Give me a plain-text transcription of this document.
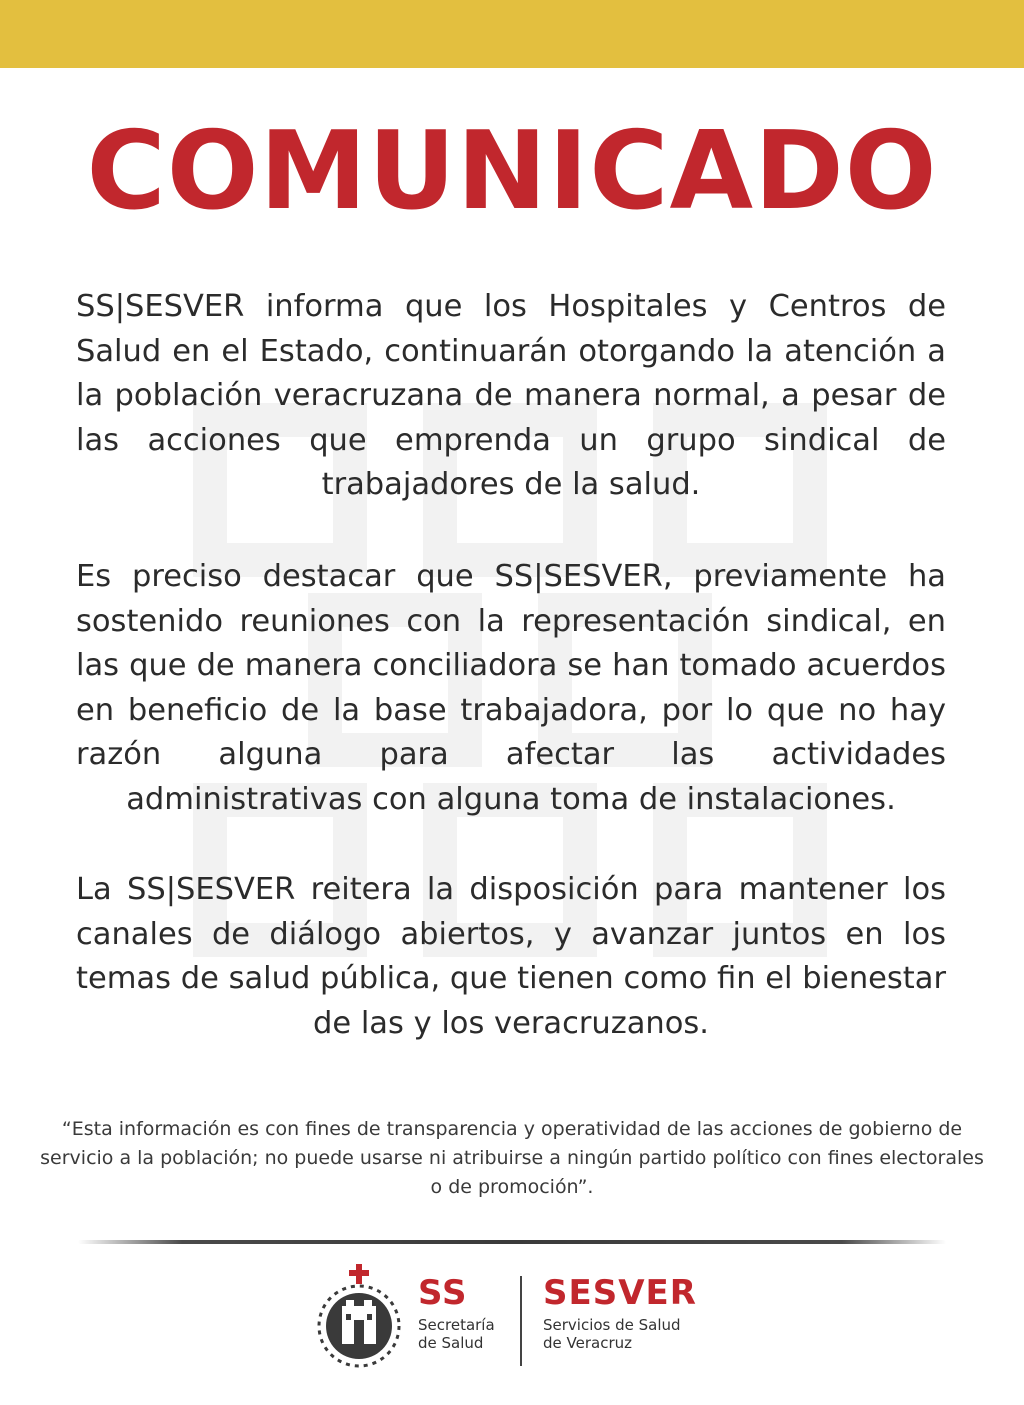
COMUNICADO
SS|SESVER informa que los Hospitales y Centros de Salud en el Estado, continuarán otorgando la atención a la población veracruzana de manera normal, a pesar de las acciones que emprenda un grupo sindical de trabajadores de la salud.
Es preciso destacar que SS|SESVER, previamente ha sostenido reuniones con la representación sindical, en las que de manera conciliadora se han tomado acuerdos en beneficio de la base trabajadora, por lo que no hay razón alguna para afectar las actividades administrativas con alguna toma de instalaciones.
La SS|SESVER reitera la disposición para mantener los canales de diálogo abiertos, y avanzar juntos en los temas de salud pública, que tienen como fin el bienestar de las y los veracruzanos.
“Esta información es con fines de transparencia y operatividad de las acciones de gobierno de servicio a la población; no puede usarse ni atribuirse a ningún partido político con fines electorales o de promoción”.
SS
Secretaría
de Salud
SESVER
Servicios de Salud
de Veracruz
